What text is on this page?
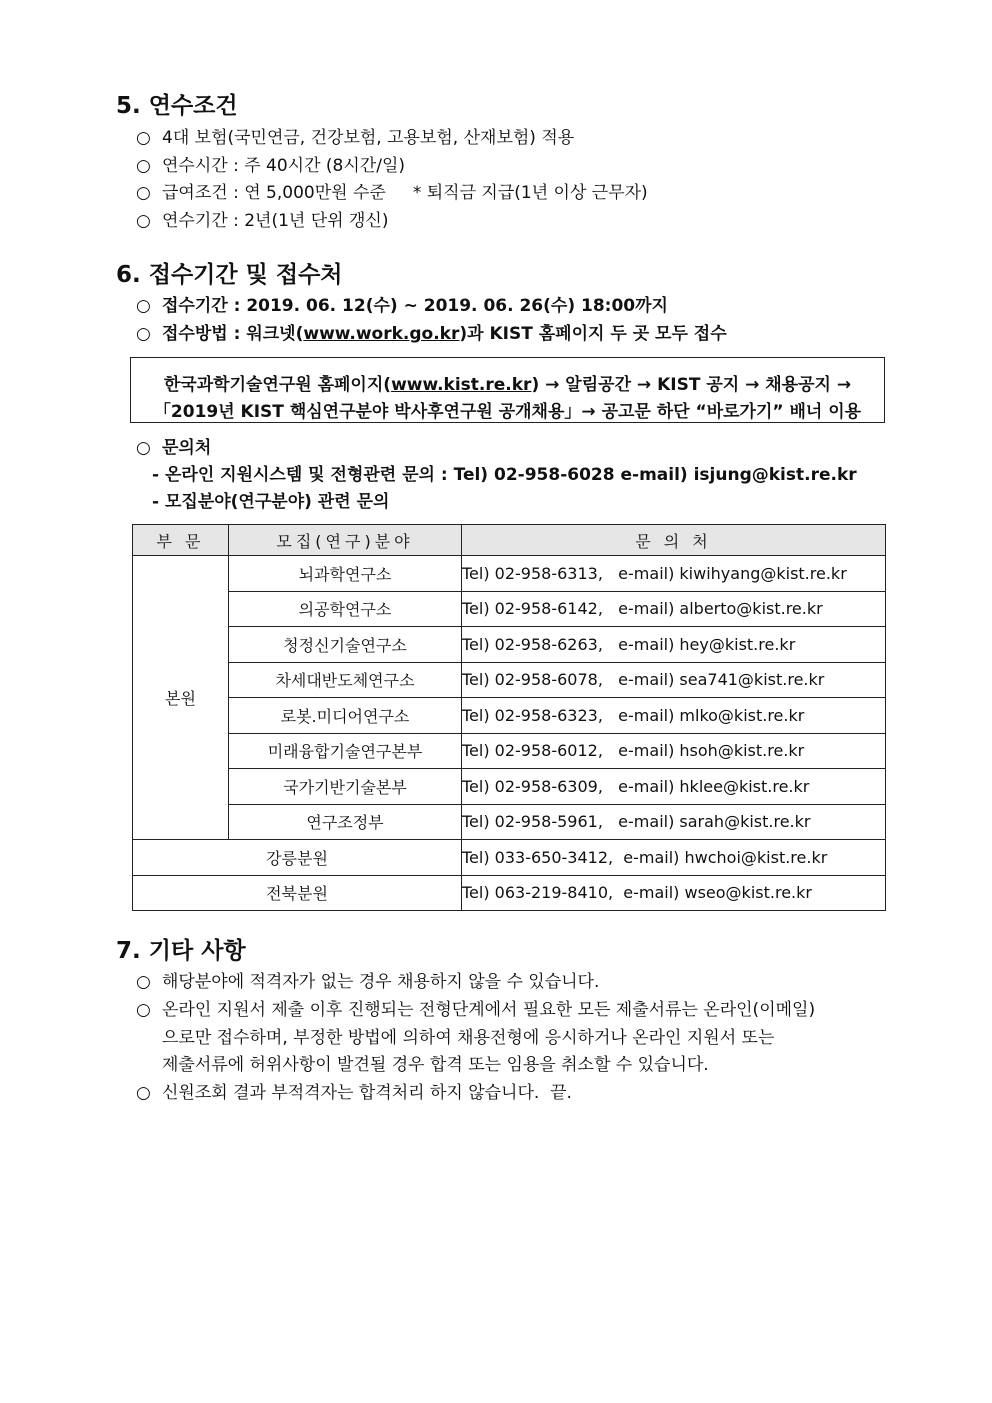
5. 연수조건
○ 4대 보험(국민연금, 건강보험, 고용보험, 산재보험) 적용
○ 연수시간 : 주 40시간 (8시간/일)
○ 급여조건 : 연 5,000만원 수준     * 퇴직금 지급(1년 이상 근무자)
○ 연수기간 : 2년(1년 단위 갱신)
6. 접수기간 및 접수처
○ 접수기간 : 2019. 06. 12(수) ~ 2019. 06. 26(수) 18:00까지
○ 접수방법 : 워크넷(www.work.go.kr)과 KIST 홈페이지 두 곳 모두 접수
한국과학기술연구원 홈페이지(www.kist.re.kr) → 알림공간 → KIST 공지 → 채용공지 →
「2019년 KIST 핵심연구분야 박사후연구원 공개채용」→ 공고문 하단 “바로가기” 배너 이용
○ 문의처
- 온라인 지원시스템 및 전형관련 문의 : Tel) 02-958-6028 e-mail) isjung@kist.re.kr
- 모집분야(연구분야) 관련 문의
부 문	모집(연구)분야	문 의 처
본원	뇌과학연구소	Tel) 02-958-6313,   e-mail) kiwihyang@kist.re.kr
	의공학연구소	Tel) 02-958-6142,   e-mail) alberto@kist.re.kr
	청정신기술연구소	Tel) 02-958-6263,   e-mail) hey@kist.re.kr
	차세대반도체연구소	Tel) 02-958-6078,   e-mail) sea741@kist.re.kr
	로봇.미디어연구소	Tel) 02-958-6323,   e-mail) mlko@kist.re.kr
	미래융합기술연구본부	Tel) 02-958-6012,   e-mail) hsoh@kist.re.kr
	국가기반기술본부	Tel) 02-958-6309,   e-mail) hklee@kist.re.kr
	연구조정부	Tel) 02-958-5961,   e-mail) sarah@kist.re.kr
강릉분원		Tel) 033-650-3412,  e-mail) hwchoi@kist.re.kr
전북분원		Tel) 063-219-8410,  e-mail) wseo@kist.re.kr
7. 기타 사항
○ 해당분야에 적격자가 없는 경우 채용하지 않을 수 있습니다.
○ 온라인 지원서 제출 이후 진행되는 전형단계에서 필요한 모든 제출서류는 온라인(이메일)
으로만 접수하며, 부정한 방법에 의하여 채용전형에 응시하거나 온라인 지원서 또는
제출서류에 허위사항이 발견될 경우 합격 또는 임용을 취소할 수 있습니다.
○ 신원조회 결과 부적격자는 합격처리 하지 않습니다.  끝.
